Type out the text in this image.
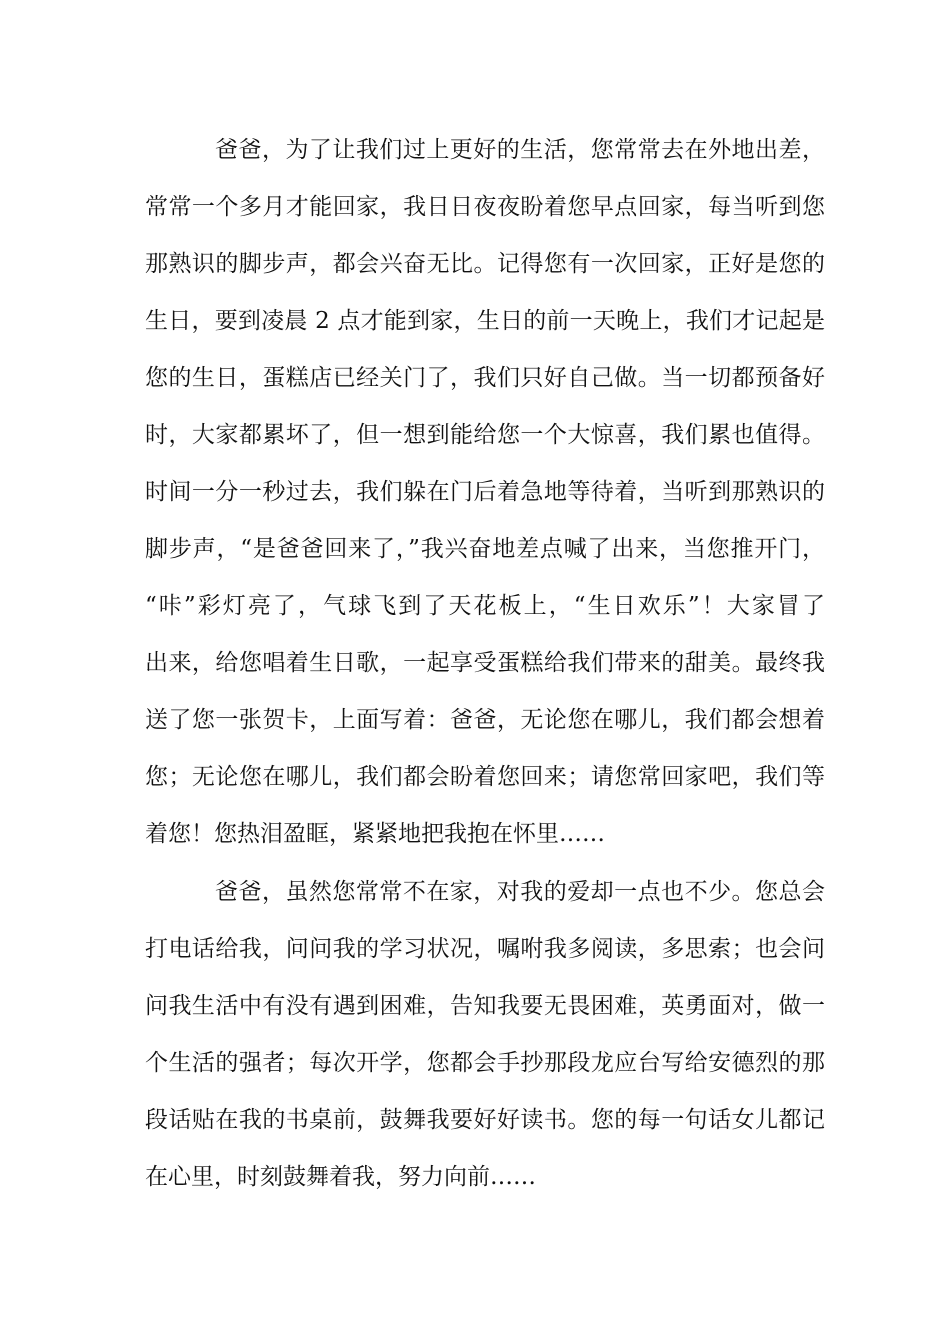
爸爸，为了让我们过上更好的生活，您常常去在外地出差，
常常一个多月才能回家，我日日夜夜盼着您早点回家，每当听到您
那熟识的脚步声，都会兴奋无比。记得您有一次回家，正好是您的
生日，要到凌晨 2 点才能到家，生日的前一天晚上，我们才记起是
您的生日，蛋糕店已经关门了，我们只好自己做。当一切都预备好
时，大家都累坏了，但一想到能给您一个大惊喜，我们累也值得。
时间一分一秒过去，我们躲在门后着急地等待着，当听到那熟识的
脚步声，“是爸爸回来了，”我兴奋地差点喊了出来，当您推开门，
“咔”彩灯亮了，气球飞到了天花板上，“生日欢乐”！大家冒了
出来，给您唱着生日歌，一起享受蛋糕给我们带来的甜美。最终我
送了您一张贺卡，上面写着：爸爸，无论您在哪儿，我们都会想着
您；无论您在哪儿，我们都会盼着您回来；请您常回家吧，我们等
着您！您热泪盈眶，紧紧地把我抱在怀里……
爸爸，虽然您常常不在家，对我的爱却一点也不少。您总会
打电话给我，问问我的学习状况，嘱咐我多阅读，多思索；也会问
问我生活中有没有遇到困难，告知我要无畏困难，英勇面对，做一
个生活的强者；每次开学，您都会手抄那段龙应台写给安德烈的那
段话贴在我的书桌前，鼓舞我要好好读书。您的每一句话女儿都记
在心里，时刻鼓舞着我，努力向前……
